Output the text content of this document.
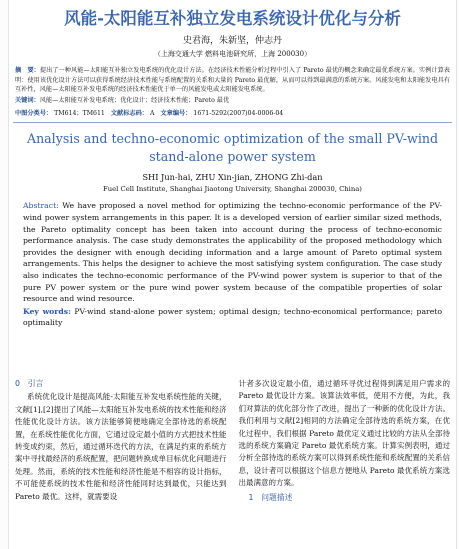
风能-太阳能互补独立发电系统设计优化与分析
史君海，朱新坚，仲志丹
（上海交通大学 燃料电池研究所，上海 200030）
摘　要：提出了一种风能—太阳能互补独立发电系统的优化设计方法。在经济技术性能分析过程中引入了 Pareto 最优的概念来确定最优系统方案。实例计算表明：使用该优化设计方法可以获得系统经济技术性能与系统配置的关系和大量的 Pareto 最优解，从而可以得到最满意的系统方案。风能发电和太阳能发电具有互补性，风能—太阳能互补发电系统的经济技术性能优于单一的风能发电或太阳能发电系统。
关键词：风能—太阳能互补发电系统；优化设计；经济技术性能；Pareto 最优
中图分类号： TM614；TM611 文献标志码： A 文章编号： 1671-5292(2007)04-0006-04
Analysis and techno-economic optimization of the small PV-wind stand-alone power system
SHI Jun-hai, ZHU Xin-jian, ZHONG Zhi-dan
Fuel Cell Institute, Shanghai Jiaotong University, Shanghai 200030, China)
Abstract: We have proposed a novel method for optimizing the techno-economic performance of the PV-wind power system arrangements in this paper. It is a developed version of earlier similar sized methods, the Pareto optimality concept has been taken into account during the process of techno-economic performance analysis. The case study demonstrates the applicability of the proposed methodology which provides the designer with enough deciding information and a large amount of Pareto optimal system arrangements. This helps the designer to achieve the most satisfying system configuration. The case study also indicates the techno-economic performance of the PV-wind power system is superior to that of the pure PV power system or the pure wind power system because of the compatible properties of solar resource and wind resource.
Key words: PV-wind stand-alone power system; optimal design; techno-economical performance; pareto optimality
0　引言
系统优化设计是提高风能-太阳能互补发电系统性能的关键，文献[1],[2]提出了风能—太阳能互补发电系统的技术性能和经济性能优化设计方法。该方法能够简便地确定全部待选的系统配置，在系统性能优化方面，它通过设定最小值的方式把技术性能转变成约束，然后，通过循环迭代的方法，在满足约束的系统方案中寻找最经济的系统配置，把问题转换成单目标优化问题进行处理。然而，系统的技术性能和经济性能是不相容的设计指标，不可能使系统的技术性能和经济性能同时达到最优，只能达到 Pareto 最优。这样，就需要设
计者多次设定最小值，通过循环寻优过程得到满足用户需求的 Pareto 最优设计方案。该算法效率低，使用不方便，为此，我们对算法的优化部分作了改进，提出了一种新的优化设计方法。我们利用与文献[2]相同的方法确定全部待选的系统方案，在优化过程中，我们根据 Pareto 最优定义通过比较的方法从全部待选的系统方案确定 Pareto 最优系统方案。计算实例表明，通过分析全部待选的系统方案可以得到系统性能和系统配置的关系信息，设计者可以根据这个信息方便地从 Pareto 最优系统方案选出最满意的方案。
1　问题描述
